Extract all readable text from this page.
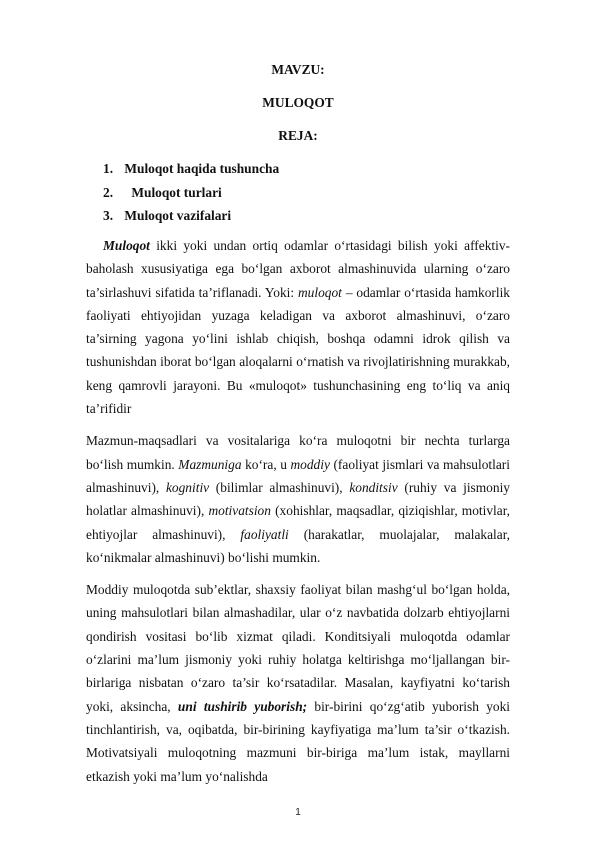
MAVZU:

MULOQOT

REJA:

1. Muloqot haqida tushuncha
2. Muloqot turlari
3. Muloqot vazifalari

Muloqot ikki yoki undan ortiq odamlar o‘rtasidagi bilish yoki affektiv-baholash xususiyatiga ega bo‘lgan axborot almashinuvida ularning o‘zaro ta’sirlashuvi sifatida ta’riflanadi. Yoki: muloqot – odamlar o‘rtasida hamkorlik faoliyati ehtiyojidan yuzaga keladigan va axborot almashinuvi, o‘zaro ta’sirning yagona yo‘lini ishlab chiqish, boshqa odamni idrok qilish va tushunishdan iborat bo‘lgan aloqalarni o‘rnatish va rivojlatirishning murakkab, keng qamrovli jarayoni. Bu «muloqot» tushunchasining eng to‘liq va aniq ta’rifidir

Mazmun-maqsadlari va vositalariga ko‘ra muloqotni bir nechta turlarga bo‘lish mumkin. Mazmuniga ko‘ra, u moddiy (faoliyat jismlari va mahsulotlari almashinuvi), kognitiv (bilimlar almashinuvi), konditsiv (ruhiy va jismoniy holatlar almashinuvi), motivatsion (xohishlar, maqsadlar, qiziqishlar, motivlar, ehtiyojlar almashinuvi), faoliyatli (harakatlar, muolajalar, malakalar, ko‘nikmalar almashinuvi) bo‘lishi mumkin.

Moddiy muloqotda sub’ektlar, shaxsiy faoliyat bilan mashg‘ul bo‘lgan holda, uning mahsulotlari bilan almashadilar, ular o‘z navbatida dolzarb ehtiyojlarni qondirish vositasi bo‘lib xizmat qiladi. Konditsiyali muloqotda odamlar o‘zlarini ma’lum jismoniy yoki ruhiy holatga keltirishga mo‘ljallangan bir-birlariga nisbatan o‘zaro ta’sir ko‘rsatadilar. Masalan, kayfiyatni ko‘tarish yoki, aksincha, uni tushirib yuborish; bir-birini qo‘zg‘atib yuborish yoki tinchlantirish, va, oqibatda, bir-birining kayfiyatiga ma’lum ta’sir o‘tkazish. Motivatsiyali muloqotning mazmuni bir-biriga ma’lum istak, mayllarni etkazish yoki ma’lum yo‘nalishda

1
